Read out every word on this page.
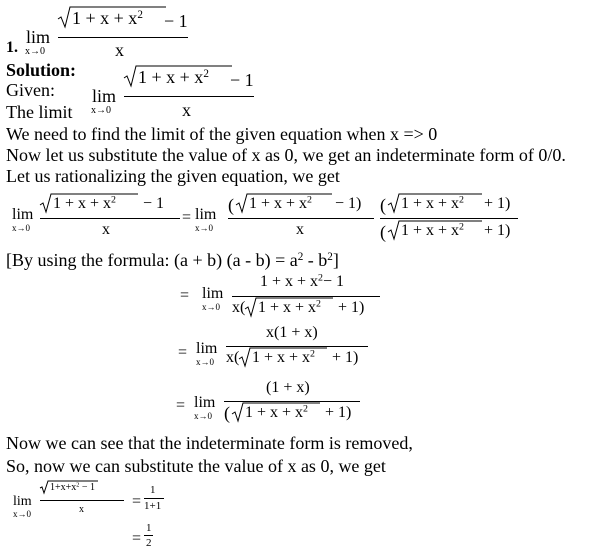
1.
lim
x→0
$1 + x + x^2 - 1$
x
Solution:
Given:
The limit
lim
x→0
$1 + x + x^2 - 1$
x
We need to find the limit of the given equation when x => 0
Now let us substitute the value of x as 0, we get an indeterminate form of 0/0.
Let us rationalizing the given equation, we get
lim
x→0
$1 + x + x^2 - 1$
x
= lim
x→0
( $1 + x + x^2 - 1$)
x
( $1 + x + x^2 + 1$)
( $1 + x + x^2 + 1$)
[By using the formula: (a + b) $(a - b) = a^2 - b^2$]
= lim
x→0
$1 + x + x^2- 1$
x( $1 + x + x^2 + 1$)
= lim
x→0
x(1 + x)
x( $1 + x + x^2 + 1$)
= lim
x→0
(1 + x)
( $1 + x + x^2 + 1$)
Now we can see that the indeterminate form is removed,
So, now we can substitute the value of x as 0, we get
lim
x→0
$1+x+x^2 - 1$
x	=
1
1+1
=
1
2
